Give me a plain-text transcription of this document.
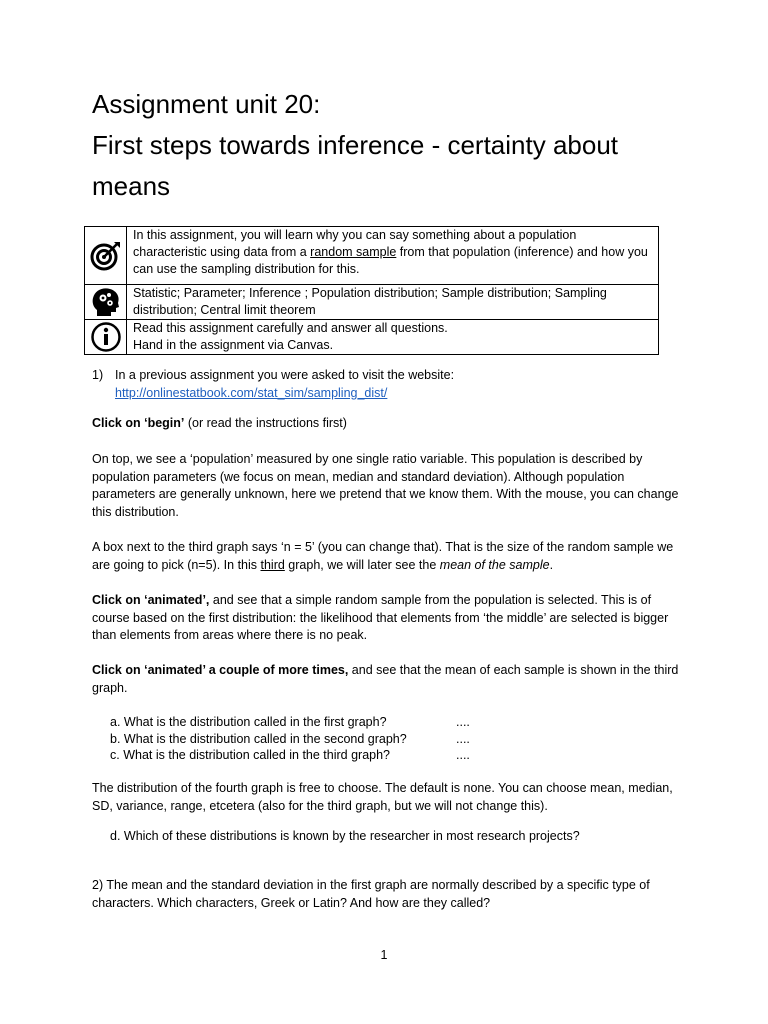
Assignment unit 20:
First steps towards inference - certainty about
means
	In this assignment, you will learn why you can say something about a population characteristic using data from a random sample from that population (inference) and how you can use the sampling distribution for this.

	Statistic; Parameter; Inference ; Population distribution; Sample distribution; Sampling distribution; Central limit theorem

	Read this assignment carefully and answer all questions.
Hand in the assignment via Canvas.
1) In a previous assignment you were asked to visit the website:
http://onlinestatbook.com/stat_sim/sampling_dist/

Click on ‘begin’ (or read the instructions first)

On top, we see a ‘population’ measured by one single ratio variable. This population is described by population parameters (we focus on mean, median and standard deviation). Although population parameters are generally unknown, here we pretend that we know them. With the mouse, you can change this distribution.

A box next to the third graph says ‘n = 5’ (you can change that). That is the size of the random sample we are going to pick (n=5). In this third graph, we will later see the mean of the sample.

Click on ‘animated’, and see that a simple random sample from the population is selected. This is of course based on the first distribution: the likelihood that elements from ‘the middle’ are selected is bigger than elements from areas where there is no peak.

Click on ‘animated’ a couple of more times, and see that the mean of each sample is shown in the third graph.

a. What is the distribution called in the first graph?	....
b. What is the distribution called in the second graph?	....
c. What is the distribution called in the third graph?	....

The distribution of the fourth graph is free to choose. The default is none. You can choose mean, median, SD, variance, range, etcetera (also for the third graph, but we will not change this).

d. Which of these distributions is known by the researcher in most research projects?

2) The mean and the standard deviation in the first graph are normally described by a specific type of characters. Which characters, Greek or Latin? And how are they called?

1
